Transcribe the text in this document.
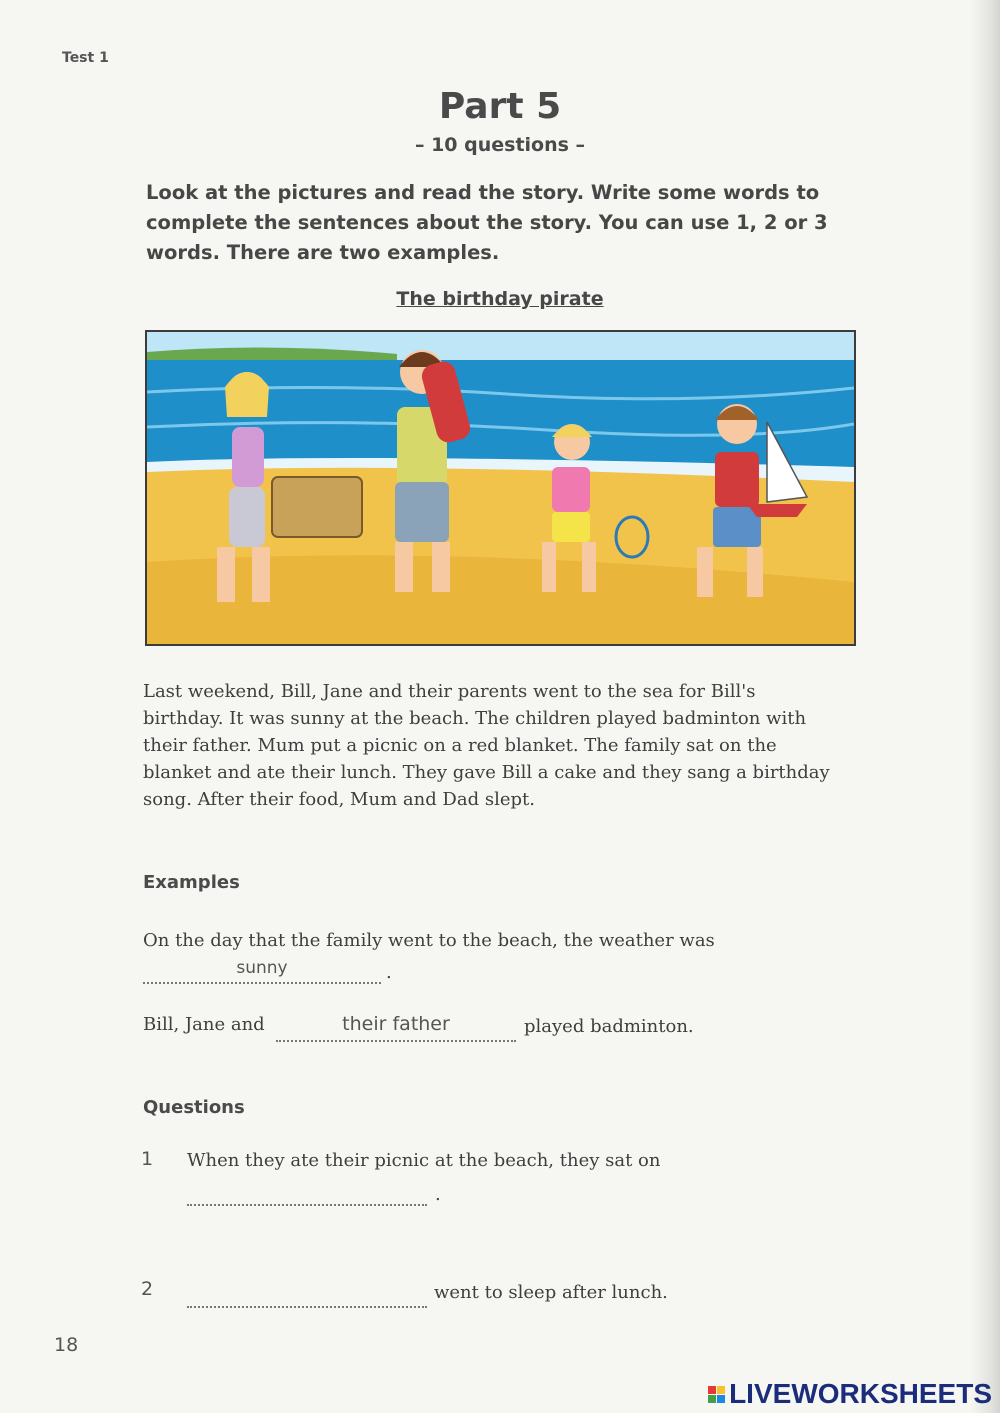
Test 1
Part 5
– 10 questions –
Look at the pictures and read the story. Write some words to complete the sentences about the story. You can use 1, 2 or 3 words. There are two examples.
The birthday pirate
Last weekend, Bill, Jane and their parents went to the sea for Bill's birthday. It was sunny at the beach. The children played badminton with their father. Mum put a picnic on a red blanket. The family sat on the blanket and ate their lunch. They gave Bill a cake and they sang a birthday song. After their food, Mum and Dad slept.
Examples
On the day that the family went to the beach, the weather was
sunny	.
Bill, Jane and	their father	played badminton.
Questions
1 When they ate their picnic at the beach, they sat on
.
2	went to sleep after lunch.
18
LIVEWORKSHEETS
